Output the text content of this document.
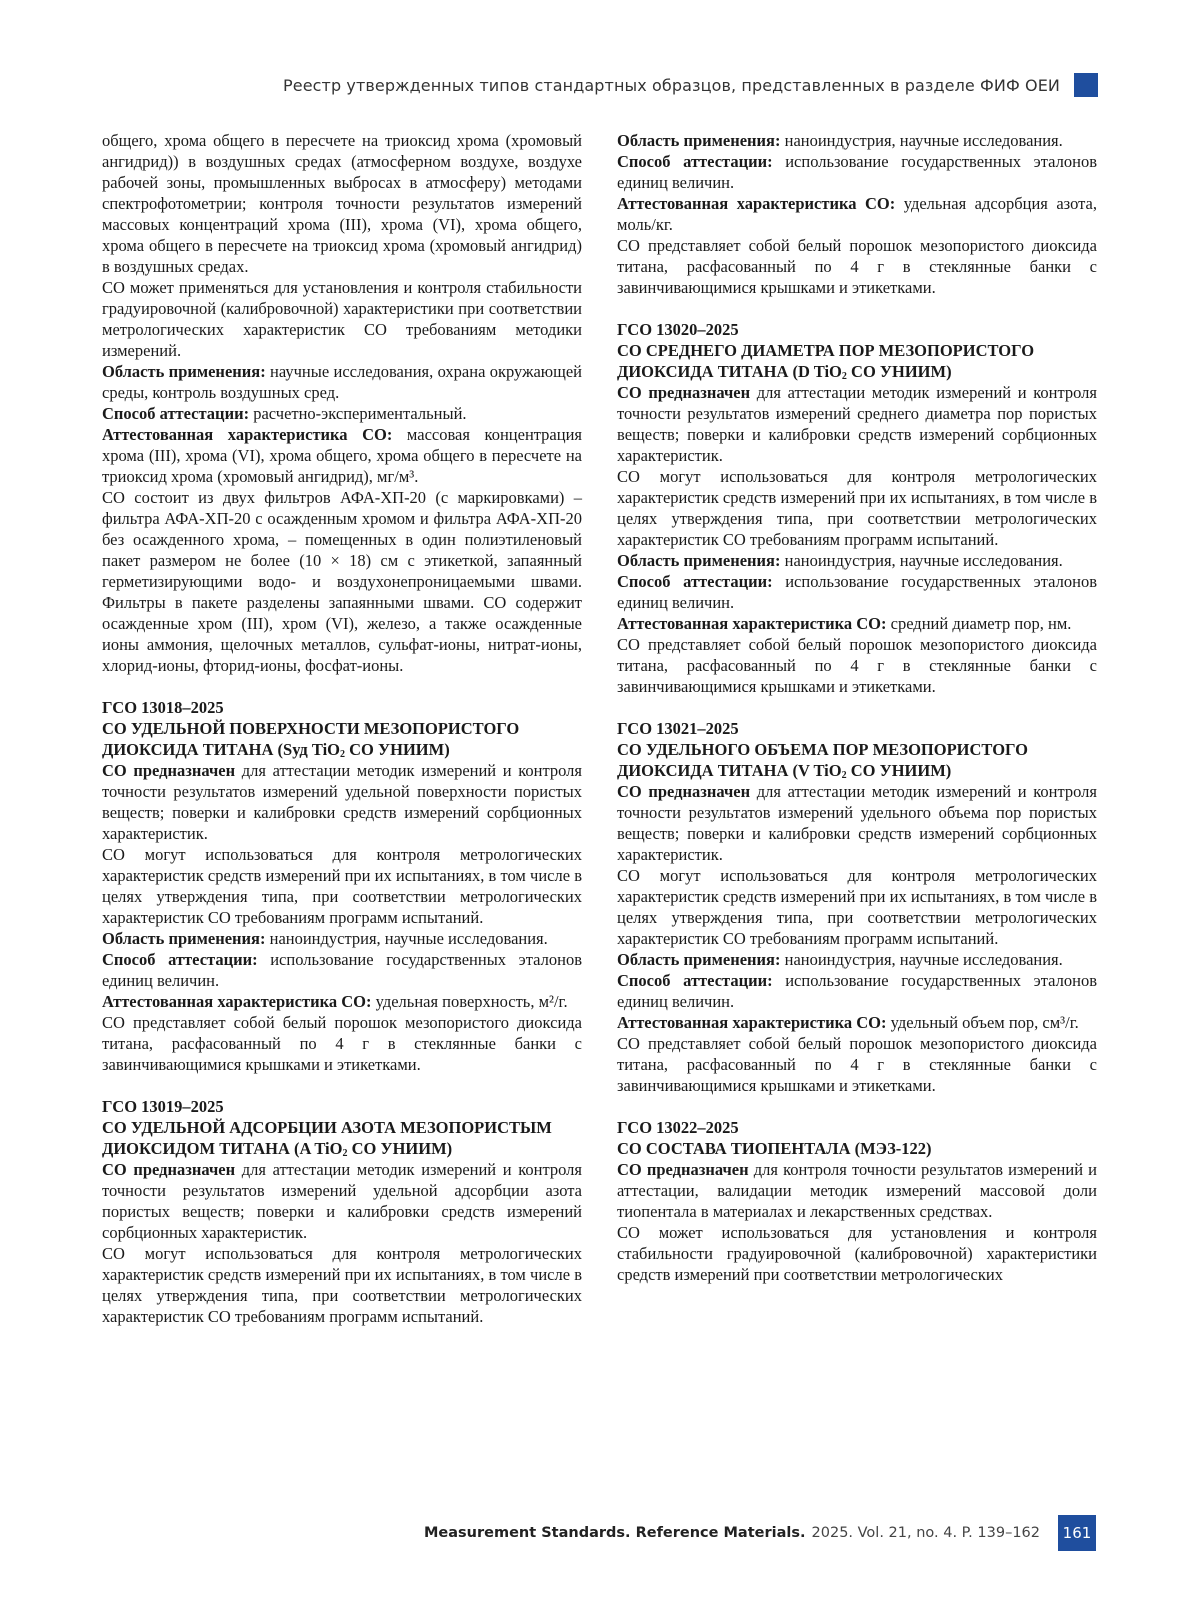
Реестр утвержденных типов стандартных образцов, представленных в разделе ФИФ ОЕИ

общего, хрома общего в пересчете на триоксид хрома (хромовый ангидрид)) в воздушных средах (атмосферном воздухе, воздухе рабочей зоны, промышленных выбросах в атмосферу) методами спектрофотометрии; контроля точности результатов измерений массовых концентраций хрома (III), хрома (VI), хрома общего, хрома общего в пересчете на триоксид хрома (хромовый ангидрид) в воздушных средах.

СО может применяться для установления и контроля стабильности градуировочной (калибровочной) характеристики при соответствии метрологических характеристик СО требованиям методики измерений.

Область применения: научные исследования, охрана окружающей среды, контроль воздушных сред.

Способ аттестации: расчетно-экспериментальный.

Аттестованная характеристика СО: массовая концентрация хрома (III), хрома (VI), хрома общего, хрома общего в пересчете на триоксид хрома (хромовый ангидрид), мг/м³.

СО состоит из двух фильтров АФА-ХП-20 (с маркировками) – фильтра АФА-ХП-20 с осажденным хромом и фильтра АФА-ХП-20 без осажденного хрома, – помещенных в один полиэтиленовый пакет размером не более (10 × 18) см с этикеткой, запаянный герметизирующими водо- и воздухонепроницаемыми швами. Фильтры в пакете разделены запаянными швами. СО содержит осажденные хром (III), хром (VI), железо, а также осажденные ионы аммония, щелочных металлов, сульфат-ионы, нитрат-ионы, хлорид-ионы, фторид-ионы, фосфат-ионы.

ГСО 13018–2025

СО УДЕЛЬНОЙ ПОВЕРХНОСТИ МЕЗОПОРИСТОГО ДИОКСИДА ТИТАНА (Sуд TiO$_2$ СО УНИИМ)

СО предназначен для аттестации методик измерений и контроля точности результатов измерений удельной поверхности пористых веществ; поверки и калибровки средств измерений сорбционных характеристик.

СО могут использоваться для контроля метрологических характеристик средств измерений при их испытаниях, в том числе в целях утверждения типа, при соответствии метрологических характеристик СО требованиям программ испытаний.

Область применения: наноиндустрия, научные исследования.

Способ аттестации: использование государственных эталонов единиц величин.

Аттестованная характеристика СО: удельная поверхность, м²/г.

СО представляет собой белый порошок мезопористого диоксида титана, расфасованный по 4 г в стеклянные банки с завинчивающимися крышками и этикетками.

ГСО 13019–2025

СО УДЕЛЬНОЙ АДСОРБЦИИ АЗОТА МЕЗОПОРИСТЫМ ДИОКСИДОМ ТИТАНА (A TiO$_2$ СО УНИИМ)

СО предназначен для аттестации методик измерений и контроля точности результатов измерений удельной адсорбции азота пористых веществ; поверки и калибровки средств измерений сорбционных характеристик.

СО могут использоваться для контроля метрологических характеристик средств измерений при их испытаниях, в том числе в целях утверждения типа, при соответствии метрологических характеристик СО требованиям программ испытаний.

Область применения: наноиндустрия, научные исследования.

Способ аттестации: использование государственных эталонов единиц величин.

Аттестованная характеристика СО: удельная адсорбция азота, моль/кг.

СО представляет собой белый порошок мезопористого диоксида титана, расфасованный по 4 г в стеклянные банки с завинчивающимися крышками и этикетками.

ГСО 13020–2025

СО СРЕДНЕГО ДИАМЕТРА ПОР МЕЗОПОРИСТОГО ДИОКСИДА ТИТАНА (D TiO$_2$ СО УНИИМ)

СО предназначен для аттестации методик измерений и контроля точности результатов измерений среднего диаметра пор пористых веществ; поверки и калибровки средств измерений сорбционных характеристик.

СО могут использоваться для контроля метрологических характеристик средств измерений при их испытаниях, в том числе в целях утверждения типа, при соответствии метрологических характеристик СО требованиям программ испытаний.

Область применения: наноиндустрия, научные исследования.

Способ аттестации: использование государственных эталонов единиц величин.

Аттестованная характеристика СО: средний диаметр пор, нм.

СО представляет собой белый порошок мезопористого диоксида титана, расфасованный по 4 г в стеклянные банки с завинчивающимися крышками и этикетками.

ГСО 13021–2025

СО УДЕЛЬНОГО ОБЪЕМА ПОР МЕЗОПОРИСТОГО ДИОКСИДА ТИТАНА (V TiO$_2$ СО УНИИМ)

СО предназначен для аттестации методик измерений и контроля точности результатов измерений удельного объема пор пористых веществ; поверки и калибровки средств измерений сорбционных характеристик.

СО могут использоваться для контроля метрологических характеристик средств измерений при их испытаниях, в том числе в целях утверждения типа, при соответствии метрологических характеристик СО требованиям программ испытаний.

Область применения: наноиндустрия, научные исследования.

Способ аттестации: использование государственных эталонов единиц величин.

Аттестованная характеристика СО: удельный объем пор, см³/г.

СО представляет собой белый порошок мезопористого диоксида титана, расфасованный по 4 г в стеклянные банки с завинчивающимися крышками и этикетками.

ГСО 13022–2025

СО СОСТАВА ТИОПЕНТАЛА (МЭЗ-122)

СО предназначен для контроля точности результатов измерений и аттестации, валидации методик измерений массовой доли тиопентала в материалах и лекарственных средствах.

СО может использоваться для установления и контроля стабильности градуировочной (калибровочной) характеристики средств измерений при соответствии метрологических

Measurement Standards. Reference Materials. 2025. Vol. 21, no. 4. P. 139–162	161
